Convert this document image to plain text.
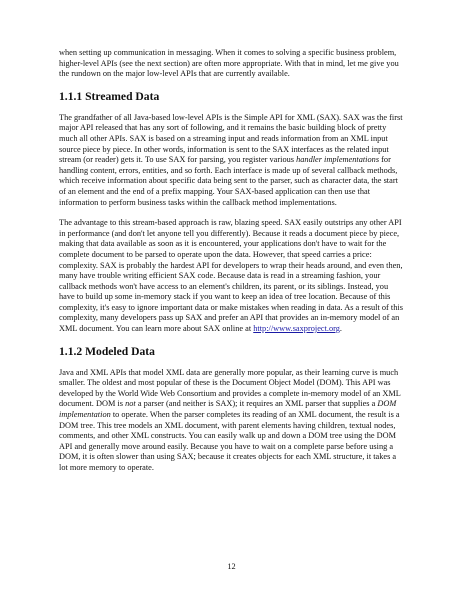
when setting up communication in messaging. When it comes to solving a specific business problem, higher-level APIs (see the next section) are often more appropriate. With that in mind, let me give you the rundown on the major low-level APIs that are currently available.

1.1.1 Streamed Data

The grandfather of all Java-based low-level APIs is the Simple API for XML (SAX). SAX was the first major API released that has any sort of following, and it remains the basic building block of pretty much all other APIs. SAX is based on a streaming input and reads information from an XML input source piece by piece. In other words, information is sent to the SAX interfaces as the related input stream (or reader) gets it. To use SAX for parsing, you register various handler implementations for handling content, errors, entities, and so forth. Each interface is made up of several callback methods, which receive information about specific data being sent to the parser, such as character data, the start of an element and the end of a prefix mapping. Your SAX-based application can then use that information to perform business tasks within the callback method implementations.

The advantage to this stream-based approach is raw, blazing speed. SAX easily outstrips any other API in performance (and don't let anyone tell you differently). Because it reads a document piece by piece, making that data available as soon as it is encountered, your applications don't have to wait for the complete document to be parsed to operate upon the data. However, that speed carries a price: complexity. SAX is probably the hardest API for developers to wrap their heads around, and even then, many have trouble writing efficient SAX code. Because data is read in a streaming fashion, your callback methods won't have access to an element's children, its parent, or its siblings. Instead, you have to build up some in-memory stack if you want to keep an idea of tree location. Because of this complexity, it's easy to ignore important data or make mistakes when reading in data. As a result of this complexity, many developers pass up SAX and prefer an API that provides an in-memory model of an XML document. You can learn more about SAX online at http://www.saxproject.org.

1.1.2 Modeled Data

Java and XML APIs that model XML data are generally more popular, as their learning curve is much smaller. The oldest and most popular of these is the Document Object Model (DOM). This API was developed by the World Wide Web Consortium and provides a complete in-memory model of an XML document. DOM is not a parser (and neither is SAX); it requires an XML parser that supplies a DOM implementation to operate. When the parser completes its reading of an XML document, the result is a DOM tree. This tree models an XML document, with parent elements having children, textual nodes, comments, and other XML constructs. You can easily walk up and down a DOM tree using the DOM API and generally move around easily. Because you have to wait on a complete parse before using a DOM, it is often slower than using SAX; because it creates objects for each XML structure, it takes a lot more memory to operate.

12
